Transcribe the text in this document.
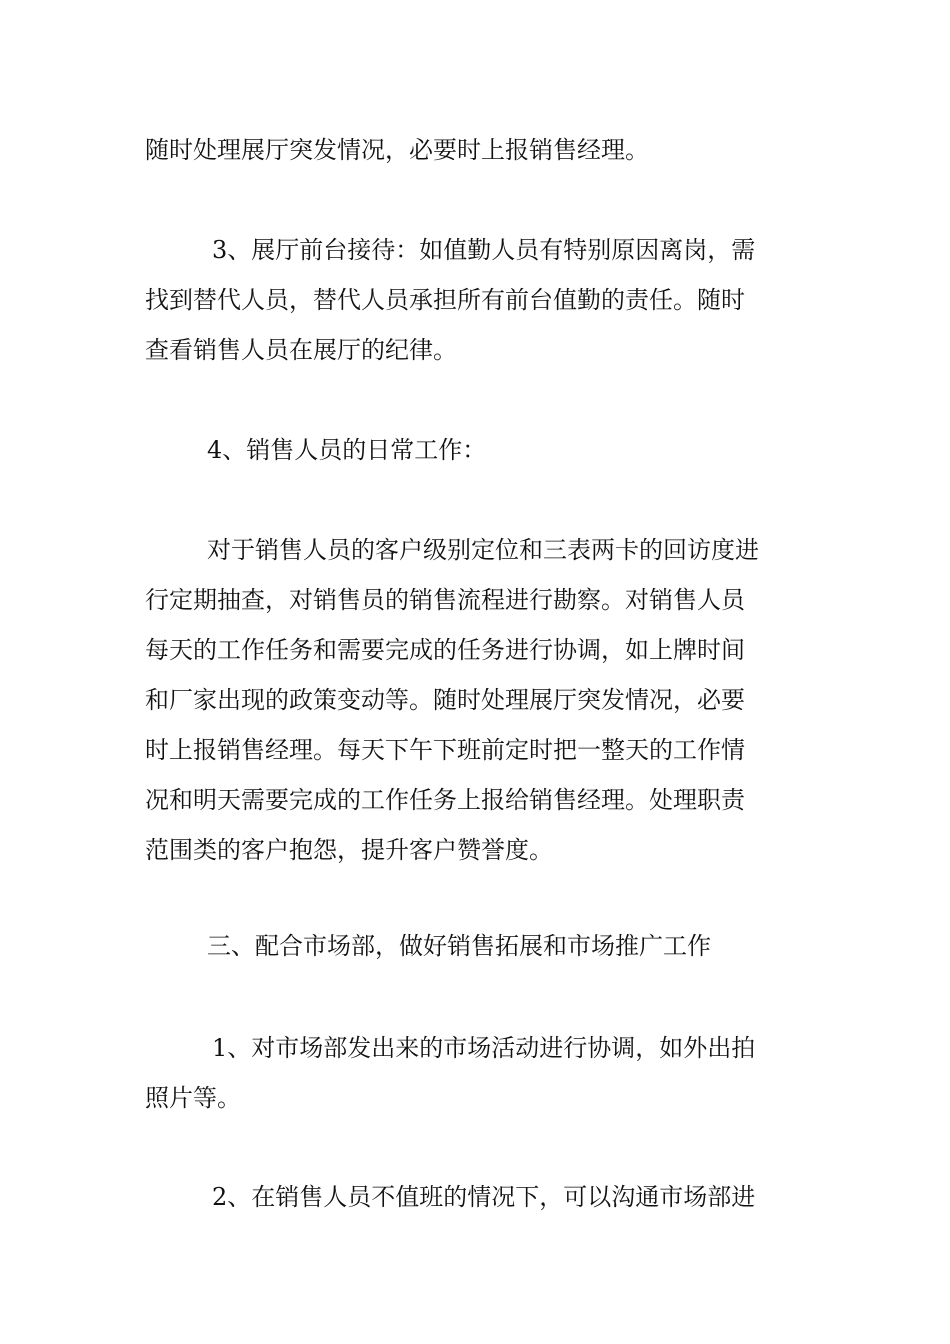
随时处理展厅突发情况，必要时上报销售经理。
3、展厅前台接待：如值勤人员有特别原因离岗，需
找到替代人员，替代人员承担所有前台值勤的责任。随时
查看销售人员在展厅的纪律。
4、销售人员的日常工作：
对于销售人员的客户级别定位和三表两卡的回访度进
行定期抽查，对销售员的销售流程进行勘察。对销售人员
每天的工作任务和需要完成的任务进行协调，如上牌时间
和厂家出现的政策变动等。随时处理展厅突发情况，必要
时上报销售经理。每天下午下班前定时把一整天的工作情
况和明天需要完成的工作任务上报给销售经理。处理职责
范围类的客户抱怨，提升客户赞誉度。
三、配合市场部，做好销售拓展和市场推广工作
1、对市场部发出来的市场活动进行协调，如外出拍
照片等。
2、在销售人员不值班的情况下，可以沟通市场部进
